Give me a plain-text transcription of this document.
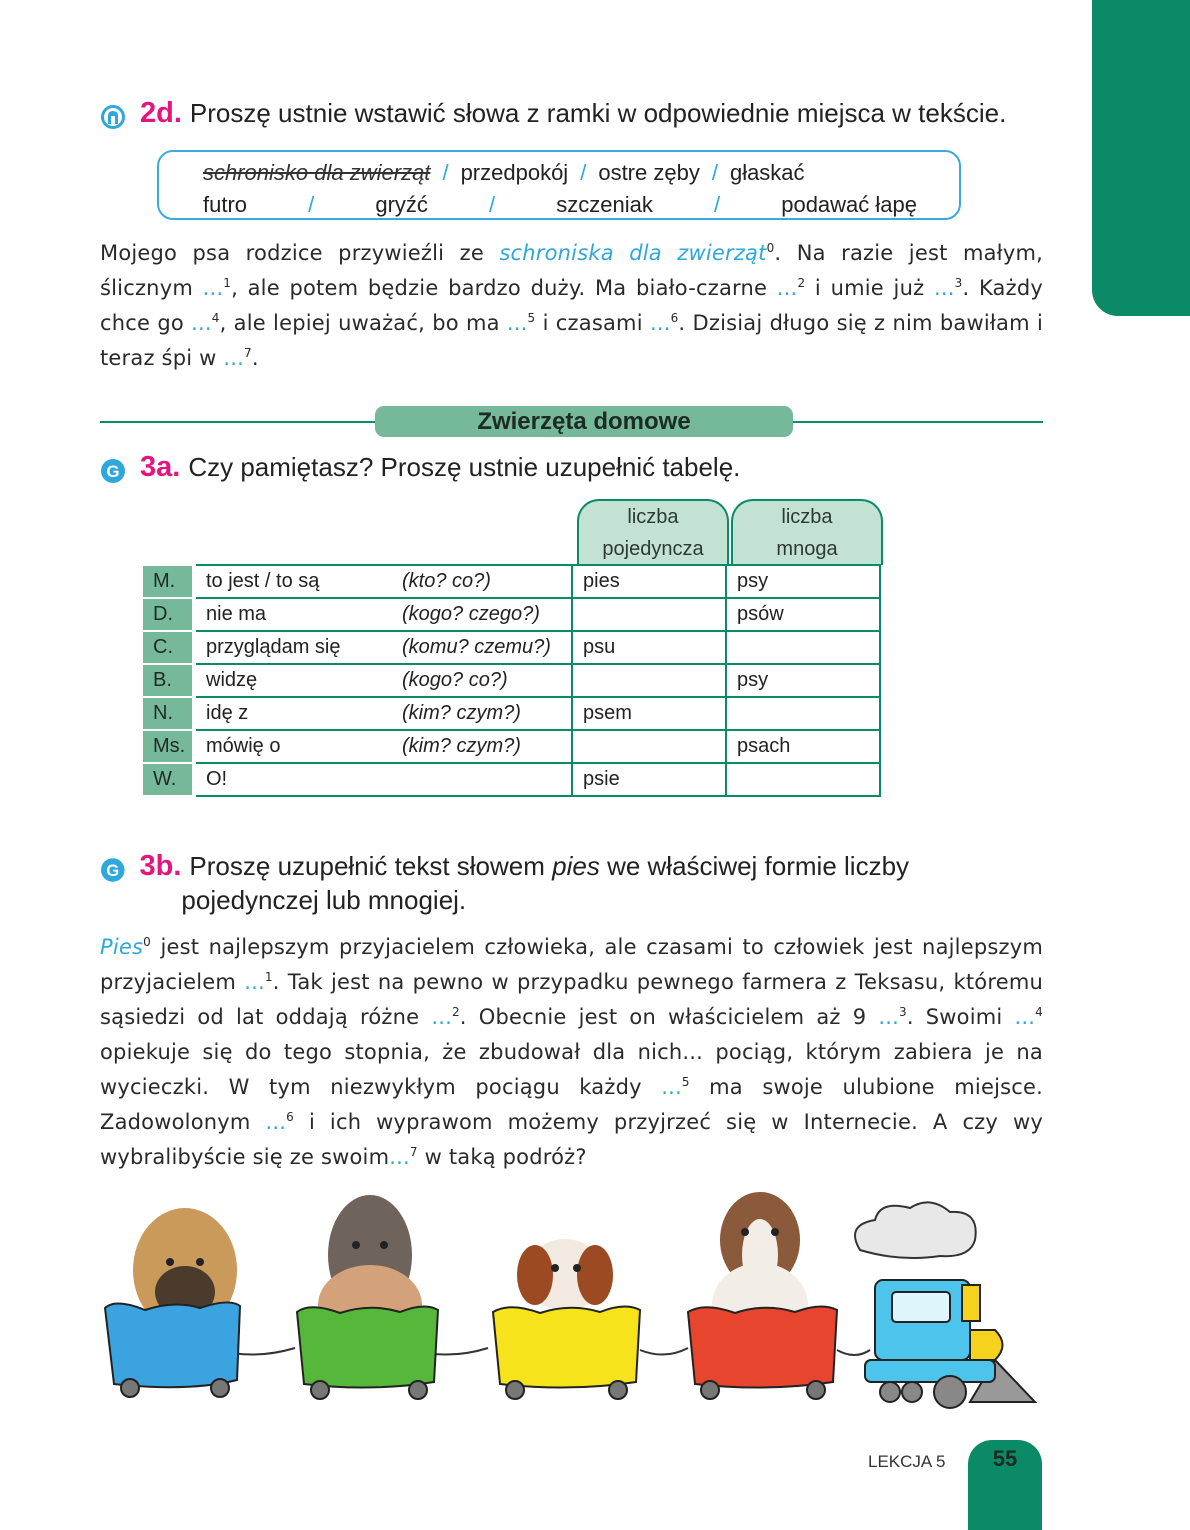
2d. Proszę ustnie wstawić słowa z ramki w odpowiednie miejsca w tekście.
schronisko dla zwierząt / przedpokój / ostre zęby / głaskać
futro	/	gryźć	/	szczeniak	/	podawać łapę

Mojego psa rodzice przywieźli ze schroniska dla zwierząt$^0$. Na razie jest małym, ślicznym ...$^1$, ale potem będzie bardzo duży. Ma biało-czarne ...$^2$ i umie już ...$^3$. Każdy chce go ...$^4$, ale lepiej uważać, bo ma ...$^5$ i czasami ...$^6$. Dzisiaj długo się z nim bawiłam i teraz śpi w ...$^7$.

Zwierzęta domowe
G 3a. Czy pamiętasz? Proszę ustnie uzupełnić tabelę.
liczba
pojedyncza
liczba
mnoga
M.	to jest / to są (kto? co?)	pies	psy
D.	nie ma (kogo? czego?)		psów
C.	przyglądam się (komu? czemu?)	psu	
B.	widzę (kogo? co?)		psy
N.	idę z (kim? czym?)	psem	
Ms.	mówię o (kim? czym?)		psach
W.	O!	psie	
G 3b. Proszę uzupełnić tekst słowem pies we właściwej formie liczby pojedynczej lub mnogiej.

Pies$^0$ jest najlepszym przyjacielem człowieka, ale czasami to człowiek jest najlepszym przyjacielem ...$^1$. Tak jest na pewno w przypadku pewnego farmera z Teksasu, któremu sąsiedzi od lat oddają różne ...$^2$. Obecnie jest on właścicielem aż 9 ...$^3$. Swoimi ...$^4$ opiekuje się do tego stopnia, że zbudował dla nich... pociąg, którym zabiera je na wycieczki. W tym niezwykłym pociągu każdy ...$^5$ ma swoje ulubione miejsce. Zadowolonym ...$^6$ i ich wyprawom możemy przyjrzeć się w Internecie. A czy wy wybralibyście się ze swoim...$^7$ w taką podróż?

LEKCJA 5	55
